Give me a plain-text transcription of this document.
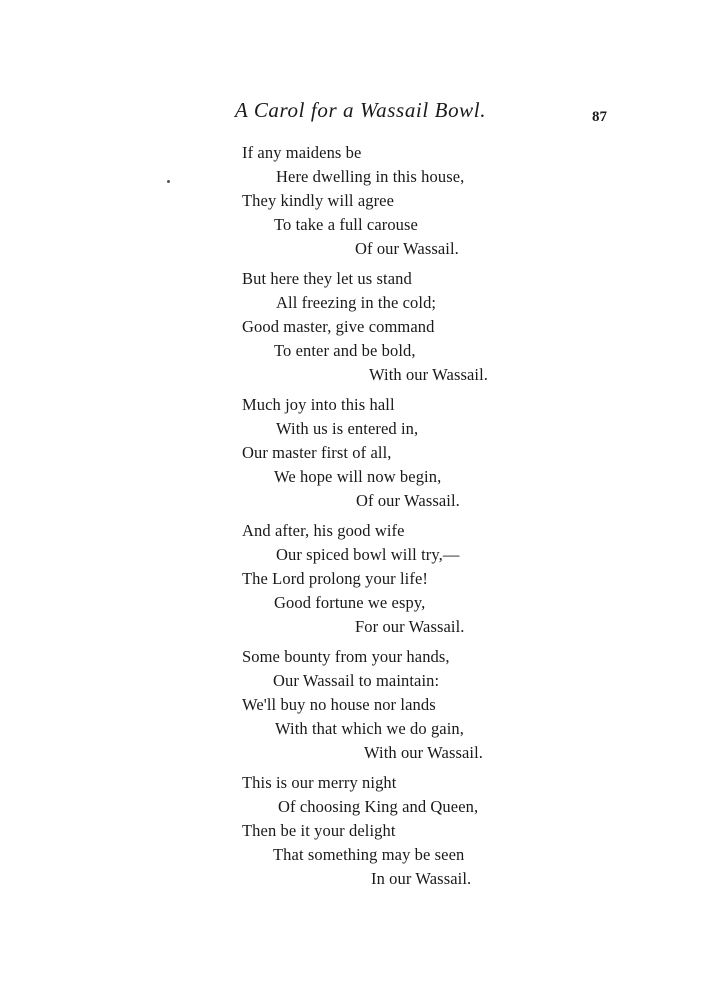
A Carol for a Wassail Bowl.	87
If any maidens be
Here dwelling in this house,
They kindly will agree
To take a full carouse
Of our Wassail.
But here they let us stand
All freezing in the cold;
Good master, give command
To enter and be bold,
With our Wassail.
Much joy into this hall
With us is entered in,
Our master first of all,
We hope will now begin,
Of our Wassail.
And after, his good wife
Our spiced bowl will try,—
The Lord prolong your life!
Good fortune we espy,
For our Wassail.
Some bounty from your hands,
Our Wassail to maintain:
We'll buy no house nor lands
With that which we do gain,
With our Wassail.
This is our merry night
Of choosing King and Queen,
Then be it your delight
That something may be seen
In our Wassail.
